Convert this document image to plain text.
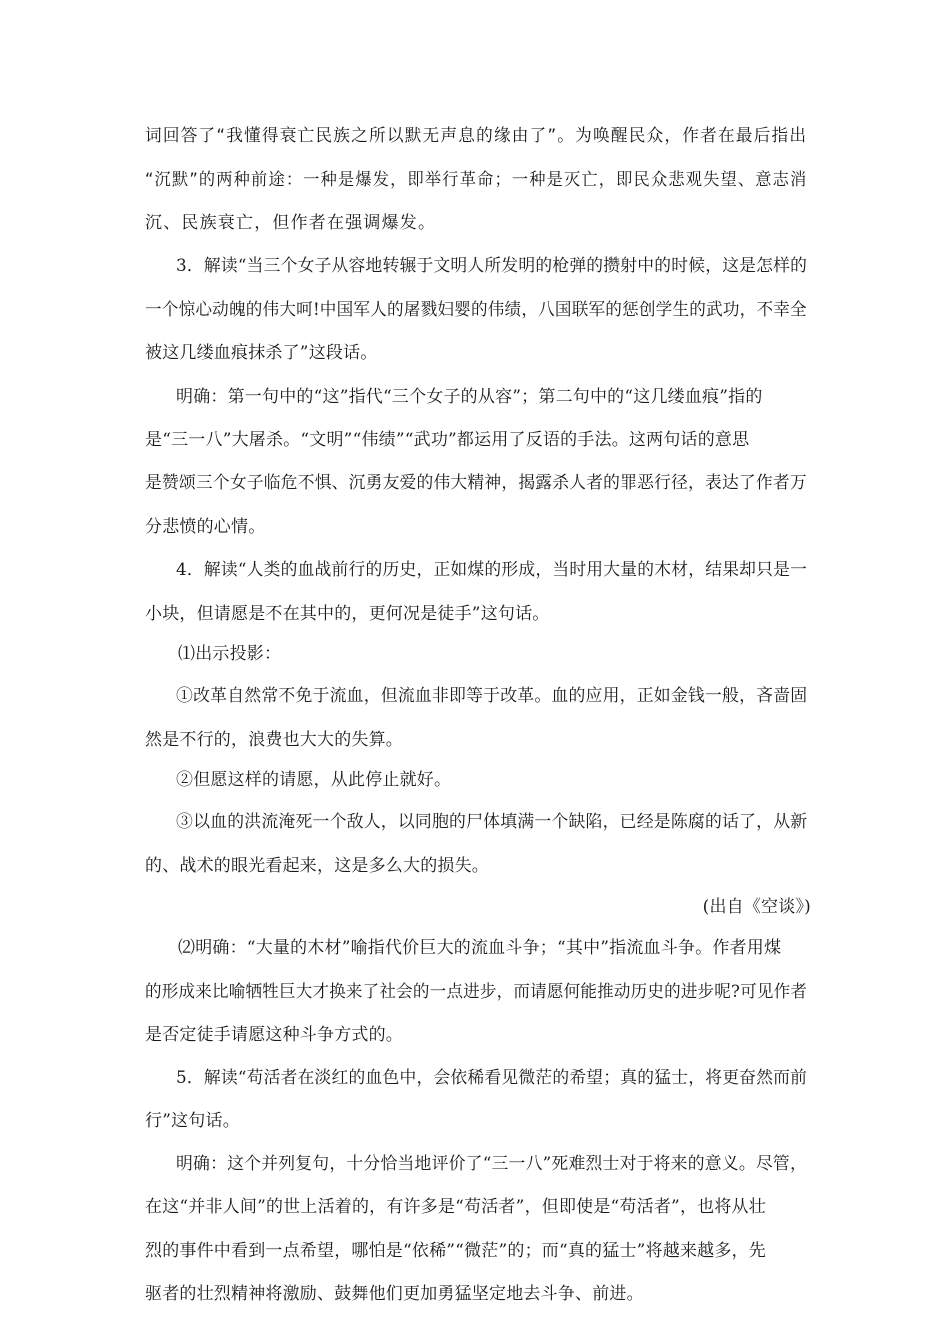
词回答了“我懂得衰亡民族之所以默无声息的缘由了”。为唤醒民众，作者在最后指出
“沉默”的两种前途：一种是爆发，即举行革命；一种是灭亡，即民众悲观失望、意志消
沉、民族衰亡，但作者在强调爆发。
3．解读“当三个女子从容地转辗于文明人所发明的枪弹的攒射中的时候，这是怎样的
一个惊心动魄的伟大呵!中国军人的屠戮妇婴的伟绩，八国联军的惩创学生的武功，不幸全
被这几缕血痕抹杀了”这段话。
明确：第一句中的“这”指代“三个女子的从容”；第二句中的“这几缕血痕”指的
是“三一八”大屠杀。“文明”“伟绩”“武功”都运用了反语的手法。这两句话的意思
是赞颂三个女子临危不惧、沉勇友爱的伟大精神，揭露杀人者的罪恶行径，表达了作者万
分悲愤的心情。
4．解读“人类的血战前行的历史，正如煤的形成，当时用大量的木材，结果却只是一
小块，但请愿是不在其中的，更何况是徒手”这句话。
⑴出示投影：
①改革自然常不免于流血，但流血非即等于改革。血的应用，正如金钱一般，吝啬固
然是不行的，浪费也大大的失算。
②但愿这样的请愿，从此停止就好。
③以血的洪流淹死一个敌人，以同胞的尸体填满一个缺陷，已经是陈腐的话了，从新
的、战术的眼光看起来，这是多么大的损失。
(出自《空谈》)
⑵明确：“大量的木材”喻指代价巨大的流血斗争；“其中”指流血斗争。作者用煤
的形成来比喻牺牲巨大才换来了社会的一点进步，而请愿何能推动历史的进步呢?可见作者
是否定徒手请愿这种斗争方式的。
5．解读“苟活者在淡红的血色中，会依稀看见微茫的希望；真的猛士，将更奋然而前
行”这句话。
明确：这个并列复句，十分恰当地评价了“三一八”死难烈士对于将来的意义。尽管，
在这“并非人间”的世上活着的，有许多是“苟活者”，但即使是“苟活者”，也将从壮
烈的事件中看到一点希望，哪怕是“依稀”“微茫”的；而“真的猛士”将越来越多，先
驱者的壮烈精神将激励、鼓舞他们更加勇猛坚定地去斗争、前进。
